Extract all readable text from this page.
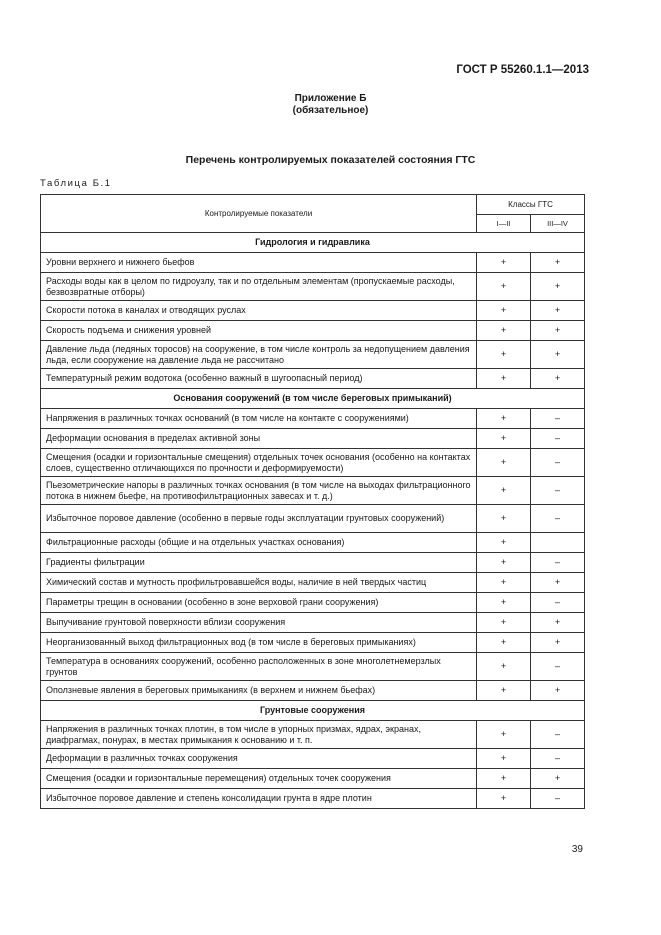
ГОСТ Р 55260.1.1—2013
Приложение Б
(обязательное)
Перечень контролируемых показателей состояния ГТС
Таблица Б.1
Контролируемые показатели	Классы ГТС	
	I—II	III—IV
Гидрология и гидравлика		
Уровни верхнего и нижнего бьефов	+	+
Расходы воды как в целом по гидроузлу, так и по отдельным элементам (пропускаемые расходы, безвозвратные отборы)	+	+
Скорости потока в каналах и отводящих руслах	+	+
Скорость подъема и снижения уровней	+	+
Давление льда (ледяных торосов) на сооружение, в том числе контроль за недопущением давления льда, если сооружение на давление льда не рассчитано	+	+
Температурный режим водотока (особенно важный в шугоопасный период)	+	+
Основания сооружений (в том числе береговых примыканий)		
Напряжения в различных точках оснований (в том числе на контакте с сооружениями)	+	–
Деформации основания в пределах активной зоны	+	–
Смещения (осадки и горизонтальные смещения) отдельных точек основания (особенно на контактах слоев, существенно отличающихся по прочности и деформируемости)	+	–
Пьезометрические напоры в различных точках основания (в том числе на выходах фильтрационного потока в нижнем бьефе, на противофильтрационных завесах и т. д.)	+	–
Избыточное поровое давление (особенно в первые годы эксплуатации грунтовых сооружений)	+	–
Фильтрационные расходы (общие и на отдельных участках основания)	+	
Градиенты фильтрации	+	–
Химический состав и мутность профильтровавшейся воды, наличие в ней твердых частиц	+	+
Параметры трещин в основании (особенно в зоне верховой грани сооружения)	+	–
Выпучивание грунтовой поверхности вблизи сооружения	+	+
Неорганизованный выход фильтрационных вод (в том числе в береговых примыканиях)	+	+
Температура в основаниях сооружений, особенно расположенных в зоне многолетнемерзлых грунтов	+	–
Оползневые явления в береговых примыканиях (в верхнем и нижнем бьефах)	+	+
Грунтовые сооружения		
Напряжения в различных точках плотин, в том числе в упорных призмах, ядрах, экранах, диафрагмах, понурах, в местах примыкания к основанию и т. п.	+	–
Деформации в различных точках сооружения	+	–
Смещения (осадки и горизонтальные перемещения) отдельных точек сооружения	+	+
Избыточное поровое давление и степень консолидации грунта в ядре плотин	+	–
39
